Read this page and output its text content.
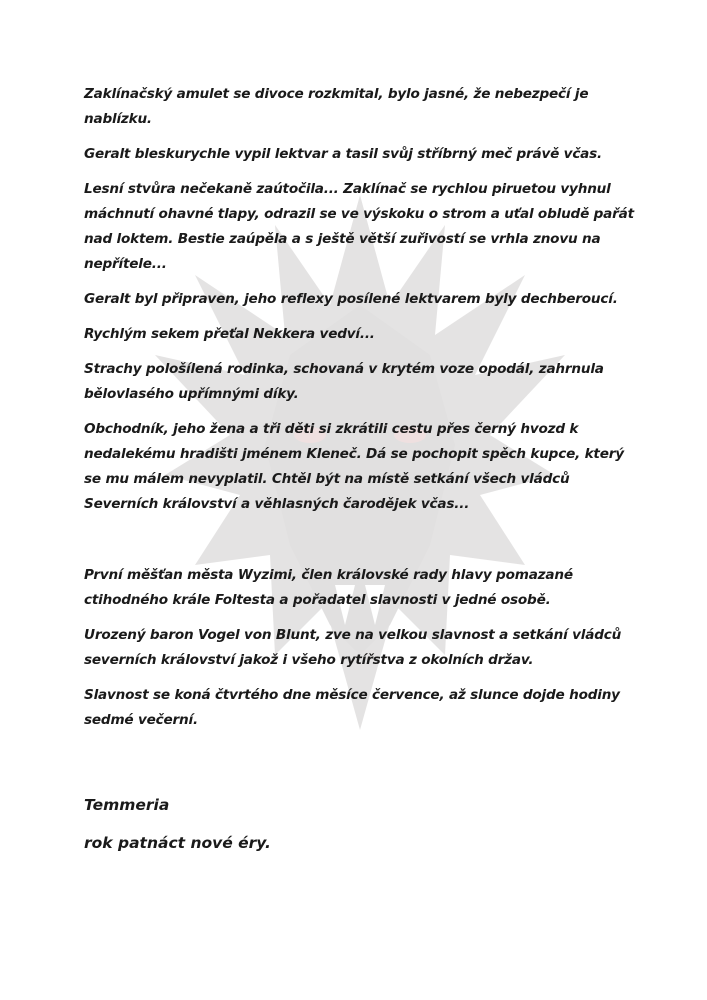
Zaklínačský amulet se divoce rozkmital, bylo jasné, že nebezpečí je nablízku.

Geralt bleskurychle vypil lektvar a tasil svůj stříbrný meč právě včas.

Lesní stvůra nečekaně zaútočila... Zaklínač se rychlou piruetou vyhnul máchnutí ohavné tlapy, odrazil se ve výskoku o strom a uťal obludě pařát nad loktem. Bestie zaúpěla a s ještě větší zuřivostí se vrhla znovu na nepřítele...

Geralt byl připraven, jeho reflexy posílené lektvarem byly dechberoucí.

Rychlým sekem přeťal Nekkera vedví...

Strachy pološílená rodinka, schovaná v krytém voze opodál, zahrnula bělovlasého upřímnými díky.

Obchodník, jeho žena a tři děti si zkrátili cestu přes černý hvozd k nedalekému hradišti jménem Kleneč. Dá se pochopit spěch kupce, který se mu málem nevyplatil. Chtěl být na místě setkání všech vládců Severních království a věhlasných čarodějek včas...

První měšťan města Wyzimi, člen královské rady hlavy pomazané ctihodného krále Foltesta a pořadatel slavnosti v jedné osobě.

Urozený baron Vogel von Blunt, zve na velkou slavnost a setkání vládců severních království jakož i všeho rytířstva z okolních držav.

Slavnost se koná čtvrtého dne měsíce července, až slunce dojde hodiny sedmé večerní.

Temmeria

rok patnáct nové éry.
